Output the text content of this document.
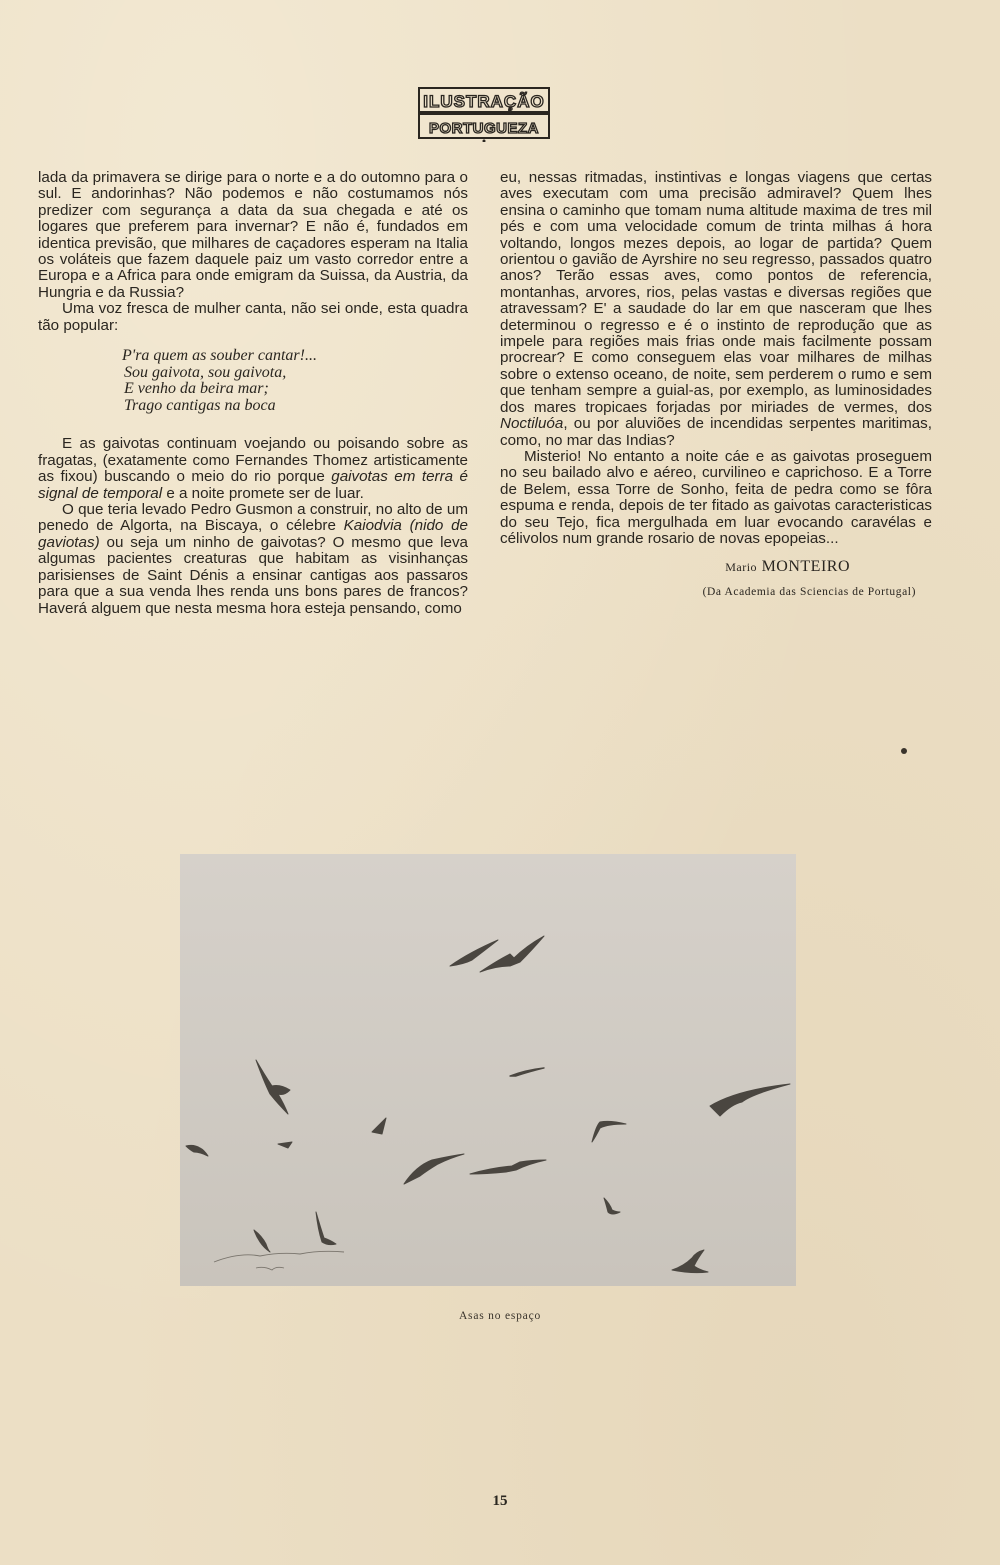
ILUSTRAÇÃO
PORTUGUEZA

lada da primavera se dirige para o norte e a do outomno para o sul. E andorinhas? Não podemos e não costumamos nós predizer com segurança a data da sua chegada e até os logares que preferem para invernar? E não é, fundados em identica previsão, que milhares de caçadores esperam na Italia os voláteis que fazem daquele paiz um vasto corredor entre a Europa e a Africa para onde emigram da Suissa, da Austria, da Hungria e da Russia?

Uma voz fresca de mulher canta, não sei onde, esta quadra tão popular:

P'ra quem as souber cantar!...
Sou gaivota, sou gaivota,
E venho da beira mar;
Trago cantigas na boca

E as gaivotas continuam voejando ou poisando sobre as fragatas, (exatamente como Fernandes Thomez artisticamente as fixou) buscando o meio do rio porque gaivotas em terra é signal de temporal e a noite promete ser de luar.

O que teria levado Pedro Gusmon a construir, no alto de um penedo de Algorta, na Biscaya, o célebre Kaiodvia (nido de gaviotas) ou seja um ninho de gaivotas? O mesmo que leva algumas pacientes creaturas que habitam as visinhanças parisienses de Saint Dénis a ensinar cantigas aos passaros para que a sua venda lhes renda uns bons pares de francos? Haverá alguem que nesta mesma hora esteja pensando, como

eu, nessas ritmadas, instintivas e longas viagens que certas aves executam com uma precisão admiravel? Quem lhes ensina o caminho que tomam numa altitude maxima de tres mil pés e com uma velocidade comum de trinta milhas á hora voltando, longos mezes depois, ao logar de partida? Quem orientou o gavião de Ayrshire no seu regresso, passados quatro anos? Terão essas aves, como pontos de referencia, montanhas, arvores, rios, pelas vastas e diversas regiões que atravessam? E' a saudade do lar em que nasceram que lhes determinou o regresso e é o instinto de reprodução que as impele para regiões mais frias onde mais facilmente possam procrear? E como conseguem elas voar milhares de milhas sobre o extenso oceano, de noite, sem perderem o rumo e sem que tenham sempre a guial-as, por exemplo, as luminosidades dos mares tropicaes forjadas por miriades de vermes, dos Noctiluóa, ou por aluviões de incendidas serpentes maritimas, como, no mar das Indias?

Misterio! No entanto a noite cáe e as gaivotas proseguem no seu bailado alvo e aéreo, curvilineo e caprichoso. E a Torre de Belem, essa Torre de Sonho, feita de pedra como se fôra espuma e renda, depois de ter fitado as gaivotas caracteristicas do seu Tejo, fica mergulhada em luar evocando caravélas e célivolos num grande rosario de novas epopeias...

Mario MONTEIRO
(Da Academia das Sciencias de Portugal)
Asas no espaço
15
